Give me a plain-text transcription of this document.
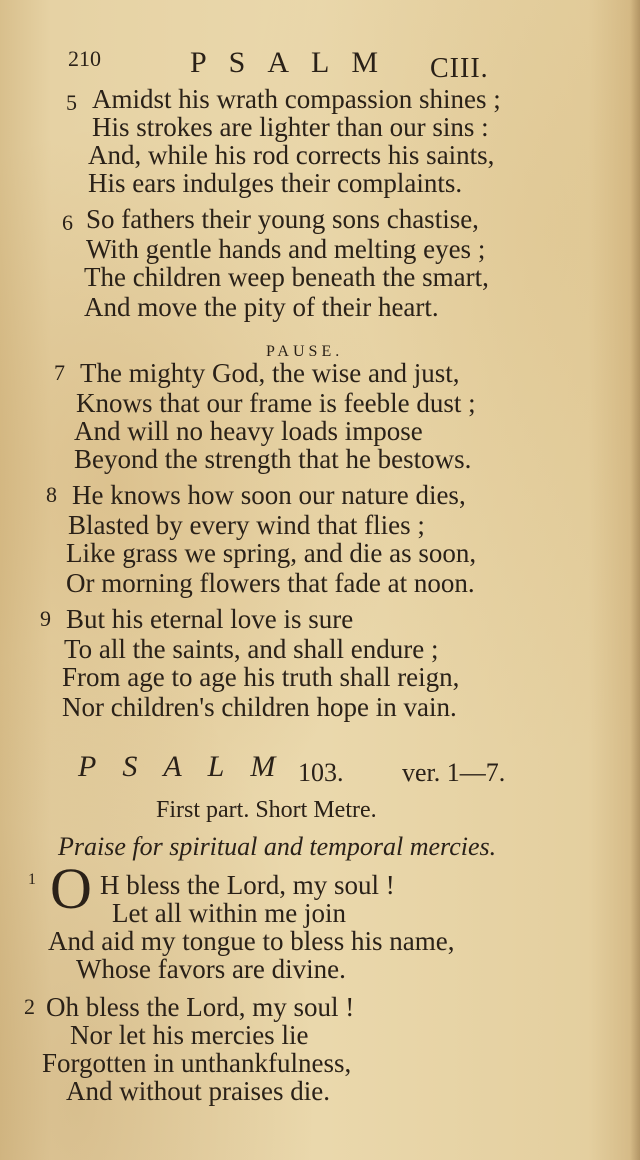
210	PSALM CIII.
5 Amidst his wrath compassion shines ;
His strokes are lighter than our sins :
And, while his rod corrects his saints,
His ears indulges their complaints.
6 So fathers their young sons chastise,
With gentle hands and melting eyes ;
The children weep beneath the smart,
And move the pity of their heart.
PAUSE.
7 The mighty God, the wise and just,
Knows that our frame is feeble dust ;
And will no heavy loads impose
Beyond the strength that he bestows.
8 He knows how soon our nature dies,
Blasted by every wind that flies ;
Like grass we spring, and die as soon,
Or morning flowers that fade at noon.
9 But his eternal love is sure
To all the saints, and shall endure ;
From age to age his truth shall reign,
Nor children's children hope in vain.
PSALM
103. ver. 1—7.
First part. Short Metre.
Praise for spiritual and temporal mercies.
1 O H bless the Lord, my soul !
Let all within me join
And aid my tongue to bless his name,
Whose favors are divine.
2 Oh bless the Lord, my soul !
Nor let his mercies lie
Forgotten in unthankfulness,
And without praises die.
